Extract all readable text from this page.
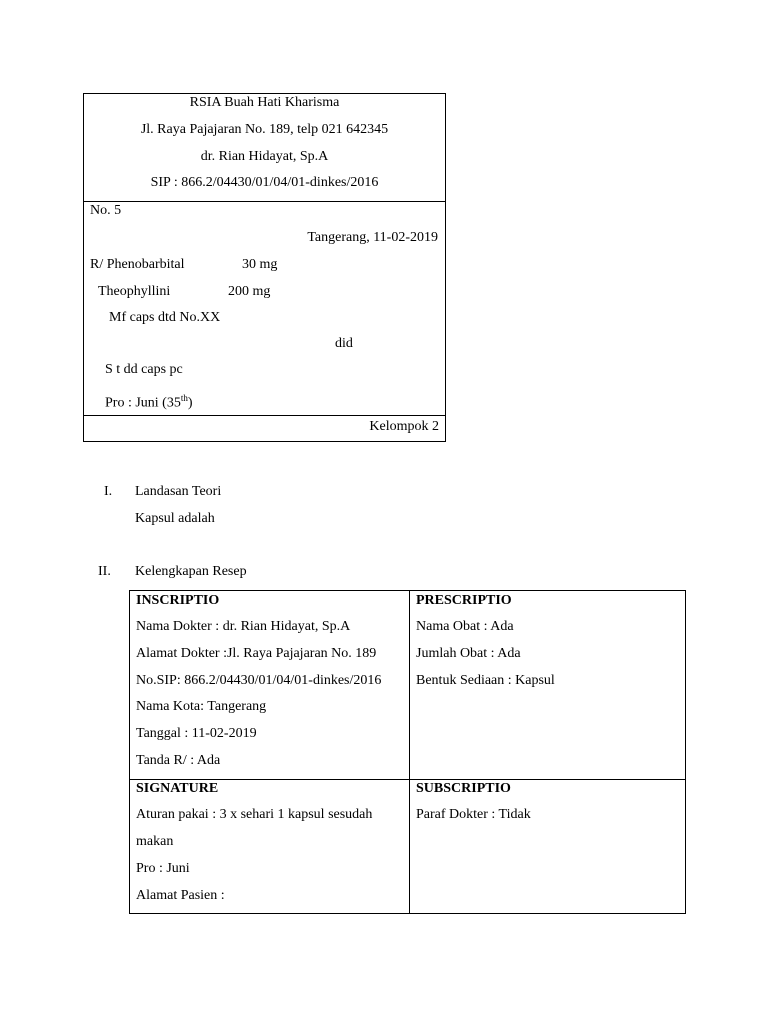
RSIA Buah Hati Kharisma
Jl. Raya Pajajaran No. 189, telp 021 642345
dr. Rian Hidayat, Sp.A
SIP : 866.2/04430/01/04/01-dinkes/2016
No. 5
Tangerang, 11-02-2019
R/ Phenobarbital	30 mg
Theophyllini	200 mg
Mf caps dtd No.XX
did
S t dd caps pc
Pro : Juni (35th)
Kelompok 2
I. Landasan Teori
Kapsul adalah
II. Kelengkapan Resep
INSCRIPTIO
Nama Dokter : dr. Rian Hidayat, Sp.A
Alamat Dokter :Jl. Raya Pajajaran No. 189
No.SIP: 866.2/04430/01/04/01-dinkes/2016
Nama Kota: Tangerang
Tanggal : 11-02-2019
Tanda R/ : Ada
PRESCRIPTIO
Nama Obat : Ada
Jumlah Obat : Ada
Bentuk Sediaan : Kapsul
SIGNATURE
Aturan pakai : 3 x sehari 1 kapsul sesudah
makan
Pro : Juni
Alamat Pasien :
SUBSCRIPTIO
Paraf Dokter : Tidak
